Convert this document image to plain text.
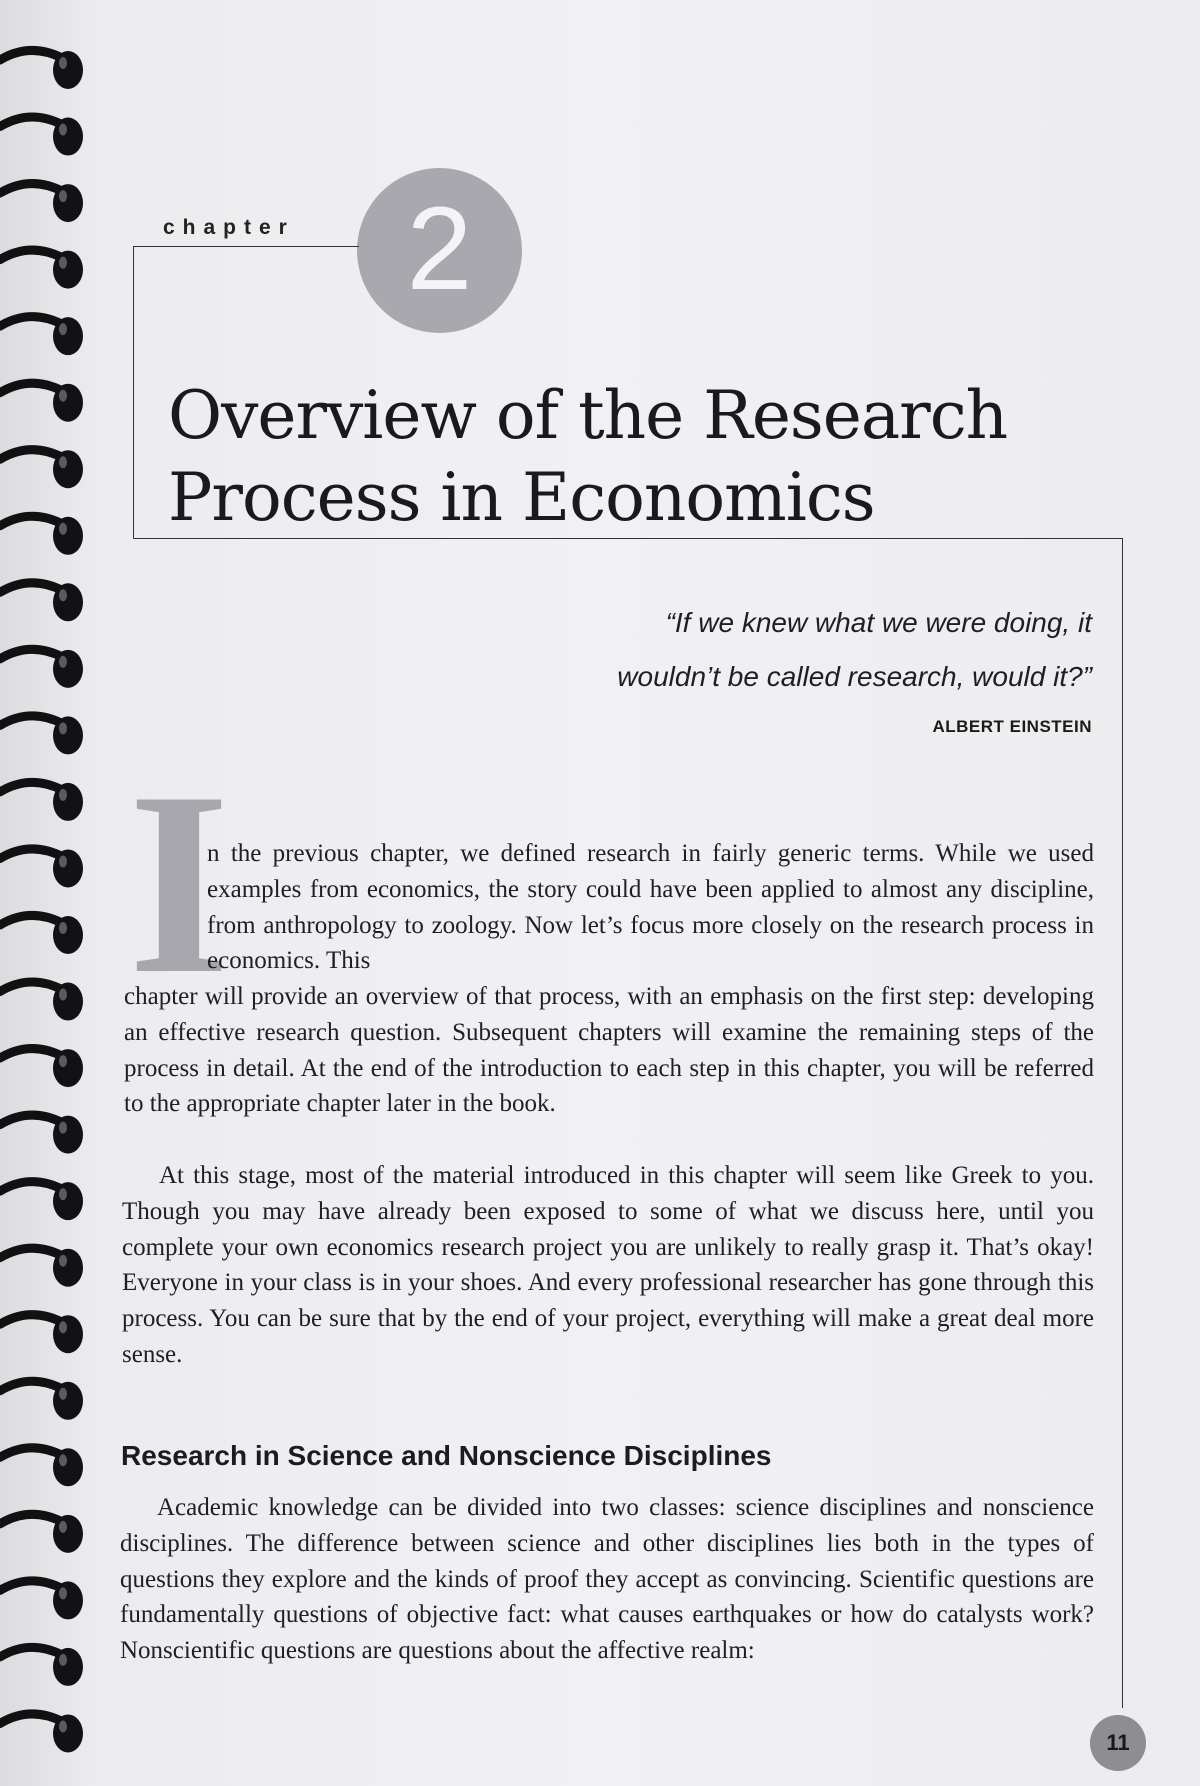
chapter 2
Overview of the Research
Process in Economics
“If we knew what we were doing, it
wouldn’t be called research, would it?”
ALBERT EINSTEIN
I

n the previous chapter, we defined research in fairly generic terms. While we used examples from economics, the story could have been applied to almost any discipline, from anthropology to zoology. Now let’s focus more closely on the research process in economics. This

chapter will provide an overview of that process, with an emphasis on the first step: developing an effective research question. Subsequent chapters will examine the remaining steps of the process in detail. At the end of the introduction to each step in this chapter, you will be referred to the appropriate chapter later in the book.

At this stage, most of the material introduced in this chapter will seem like Greek to you. Though you may have already been exposed to some of what we discuss here, until you complete your own economics research project you are unlikely to really grasp it. That’s okay! Everyone in your class is in your shoes. And every professional researcher has gone through this process. You can be sure that by the end of your project, everything will make a great deal more sense.

Research in Science and Nonscience Disciplines

Academic knowledge can be divided into two classes: science disciplines and nonscience disciplines. The difference between science and other disciplines lies both in the types of questions they explore and the kinds of proof they accept as convincing. Scientific questions are fundamentally questions of objective fact: what causes earthquakes or how do catalysts work? Nonscientific questions are questions about the affective realm:

11
